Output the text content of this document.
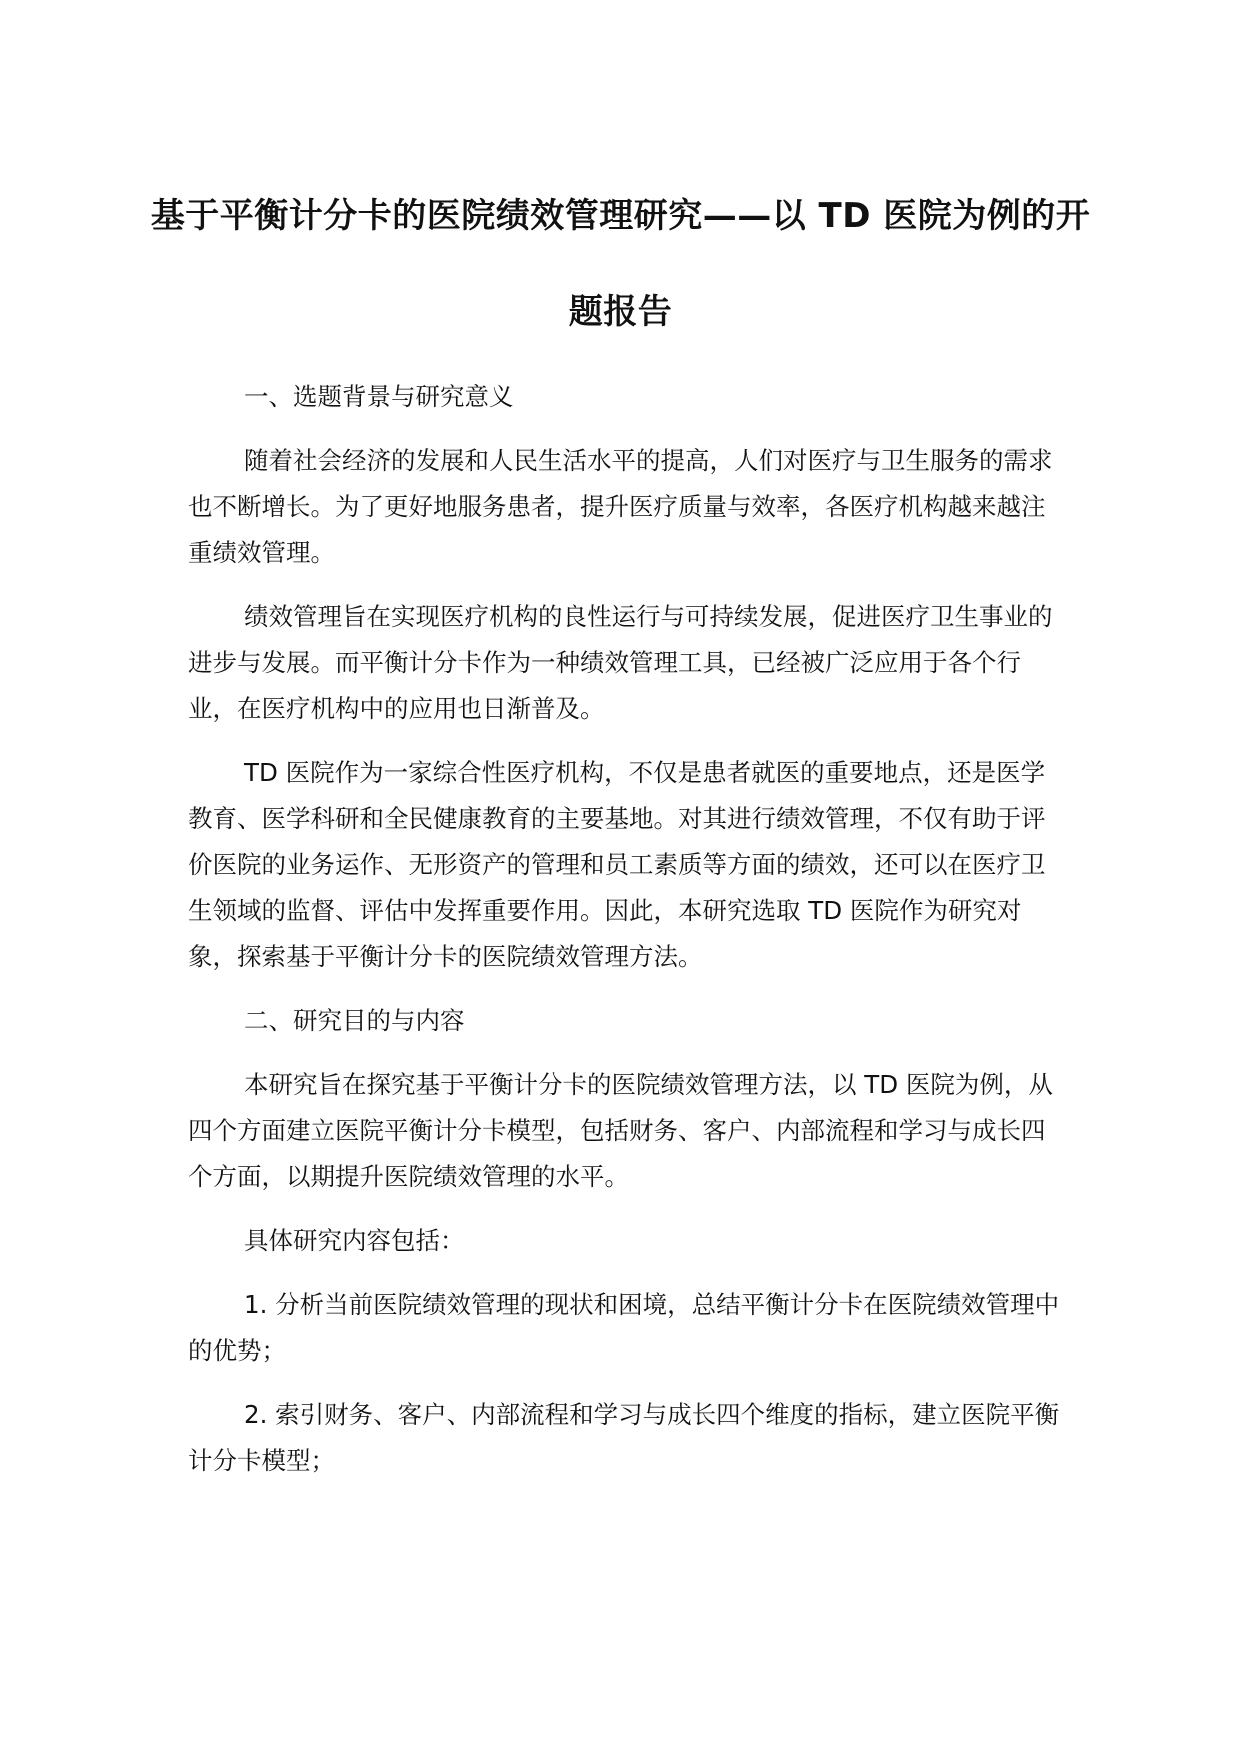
基于平衡计分卡的医院绩效管理研究——以 TD 医院为例的开题报告

一、选题背景与研究意义

随着社会经济的发展和人民生活水平的提高，人们对医疗与卫生服务的需求也不断增长。为了更好地服务患者，提升医疗质量与效率，各医疗机构越来越注重绩效管理。

绩效管理旨在实现医疗机构的良性运行与可持续发展，促进医疗卫生事业的进步与发展。而平衡计分卡作为一种绩效管理工具，已经被广泛应用于各个行业，在医疗机构中的应用也日渐普及。

TD 医院作为一家综合性医疗机构，不仅是患者就医的重要地点，还是医学教育、医学科研和全民健康教育的主要基地。对其进行绩效管理，不仅有助于评价医院的业务运作、无形资产的管理和员工素质等方面的绩效，还可以在医疗卫生领域的监督、评估中发挥重要作用。因此，本研究选取 TD 医院作为研究对象，探索基于平衡计分卡的医院绩效管理方法。

二、研究目的与内容

本研究旨在探究基于平衡计分卡的医院绩效管理方法，以 TD 医院为例，从四个方面建立医院平衡计分卡模型，包括财务、客户、内部流程和学习与成长四个方面，以期提升医院绩效管理的水平。

具体研究内容包括：

1. 分析当前医院绩效管理的现状和困境，总结平衡计分卡在医院绩效管理中的优势；

2. 索引财务、客户、内部流程和学习与成长四个维度的指标，建立医院平衡计分卡模型；
